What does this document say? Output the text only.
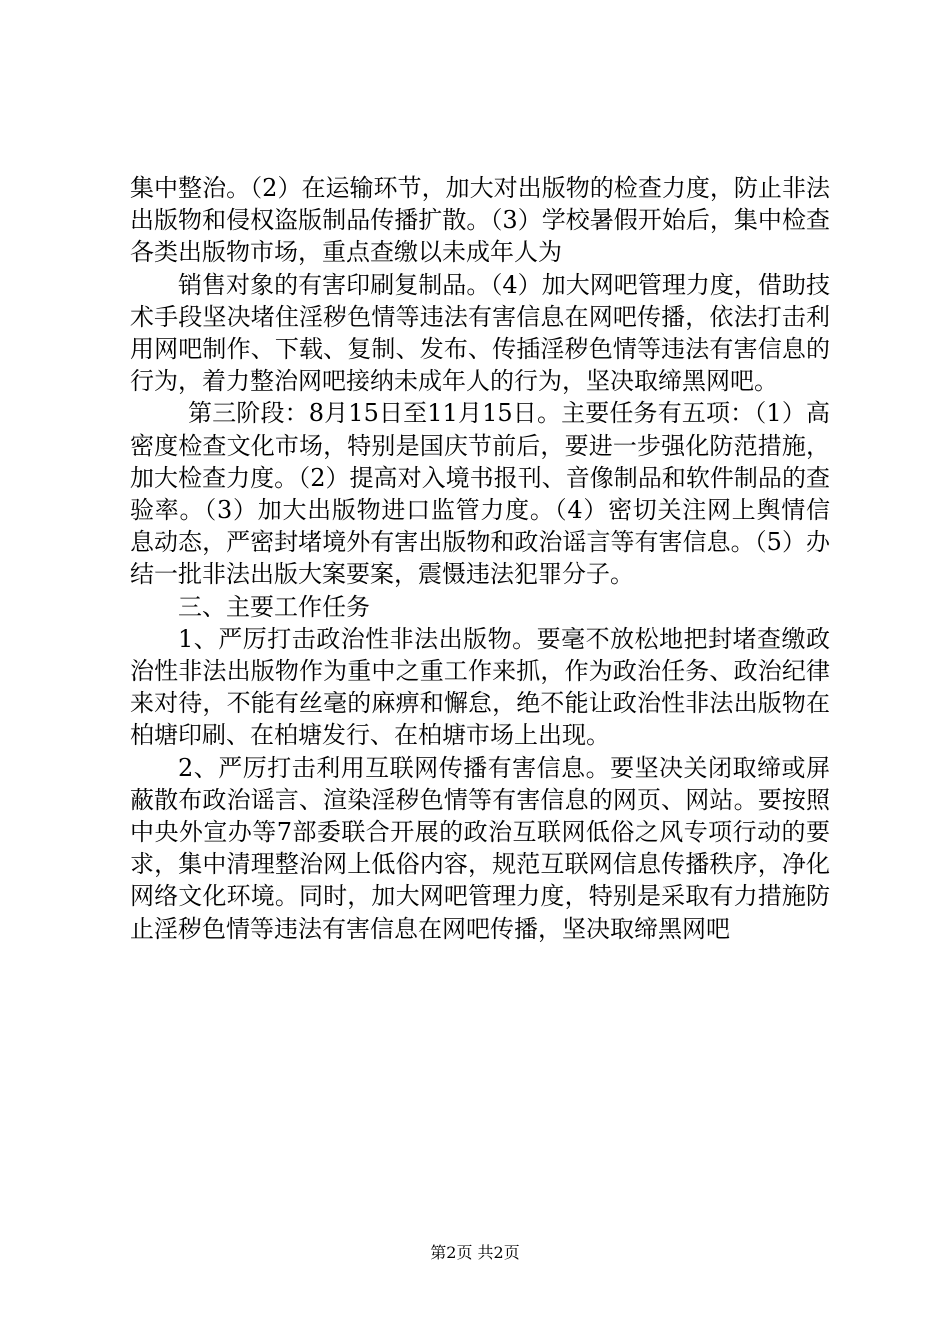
集中整治。（2）在运输环节，加大对出版物的检查力度，防止非法出版物和侵权盗版制品传播扩散。（3）学校暑假开始后，集中检查各类出版物市场，重点查缴以未成年人为

销售对象的有害印刷复制品。（4）加大网吧管理力度，借助技术手段坚决堵住淫秽色情等违法有害信息在网吧传播，依法打击利用网吧制作、下载、复制、发布、传插淫秽色情等违法有害信息的行为，着力整治网吧接纳未成年人的行为，坚决取缔黑网吧。

第三阶段：8月15日至11月15日。主要任务有五项：（1）高密度检查文化市场，特别是国庆节前后，要进一步强化防范措施，加大检查力度。（2）提高对入境书报刊、音像制品和软件制品的查验率。（3）加大出版物进口监管力度。（4）密切关注网上舆情信息动态，严密封堵境外有害出版物和政治谣言等有害信息。（5）办结一批非法出版大案要案，震慑违法犯罪分子。

三、主要工作任务

1、严厉打击政治性非法出版物。要毫不放松地把封堵查缴政治性非法出版物作为重中之重工作来抓，作为政治任务、政治纪律来对待，不能有丝毫的麻痹和懈怠，绝不能让政治性非法出版物在柏塘印刷、在柏塘发行、在柏塘市场上出现。

2、严厉打击利用互联网传播有害信息。要坚决关闭取缔或屏蔽散布政治谣言、渲染淫秽色情等有害信息的网页、网站。要按照中央外宣办等7部委联合开展的政治互联网低俗之风专项行动的要求，集中清理整治网上低俗内容，规范互联网信息传播秩序，净化网络文化环境。同时，加大网吧管理力度，特别是采取有力措施防止淫秽色情等违法有害信息在网吧传播，坚决取缔黑网吧

第2页 共2页
